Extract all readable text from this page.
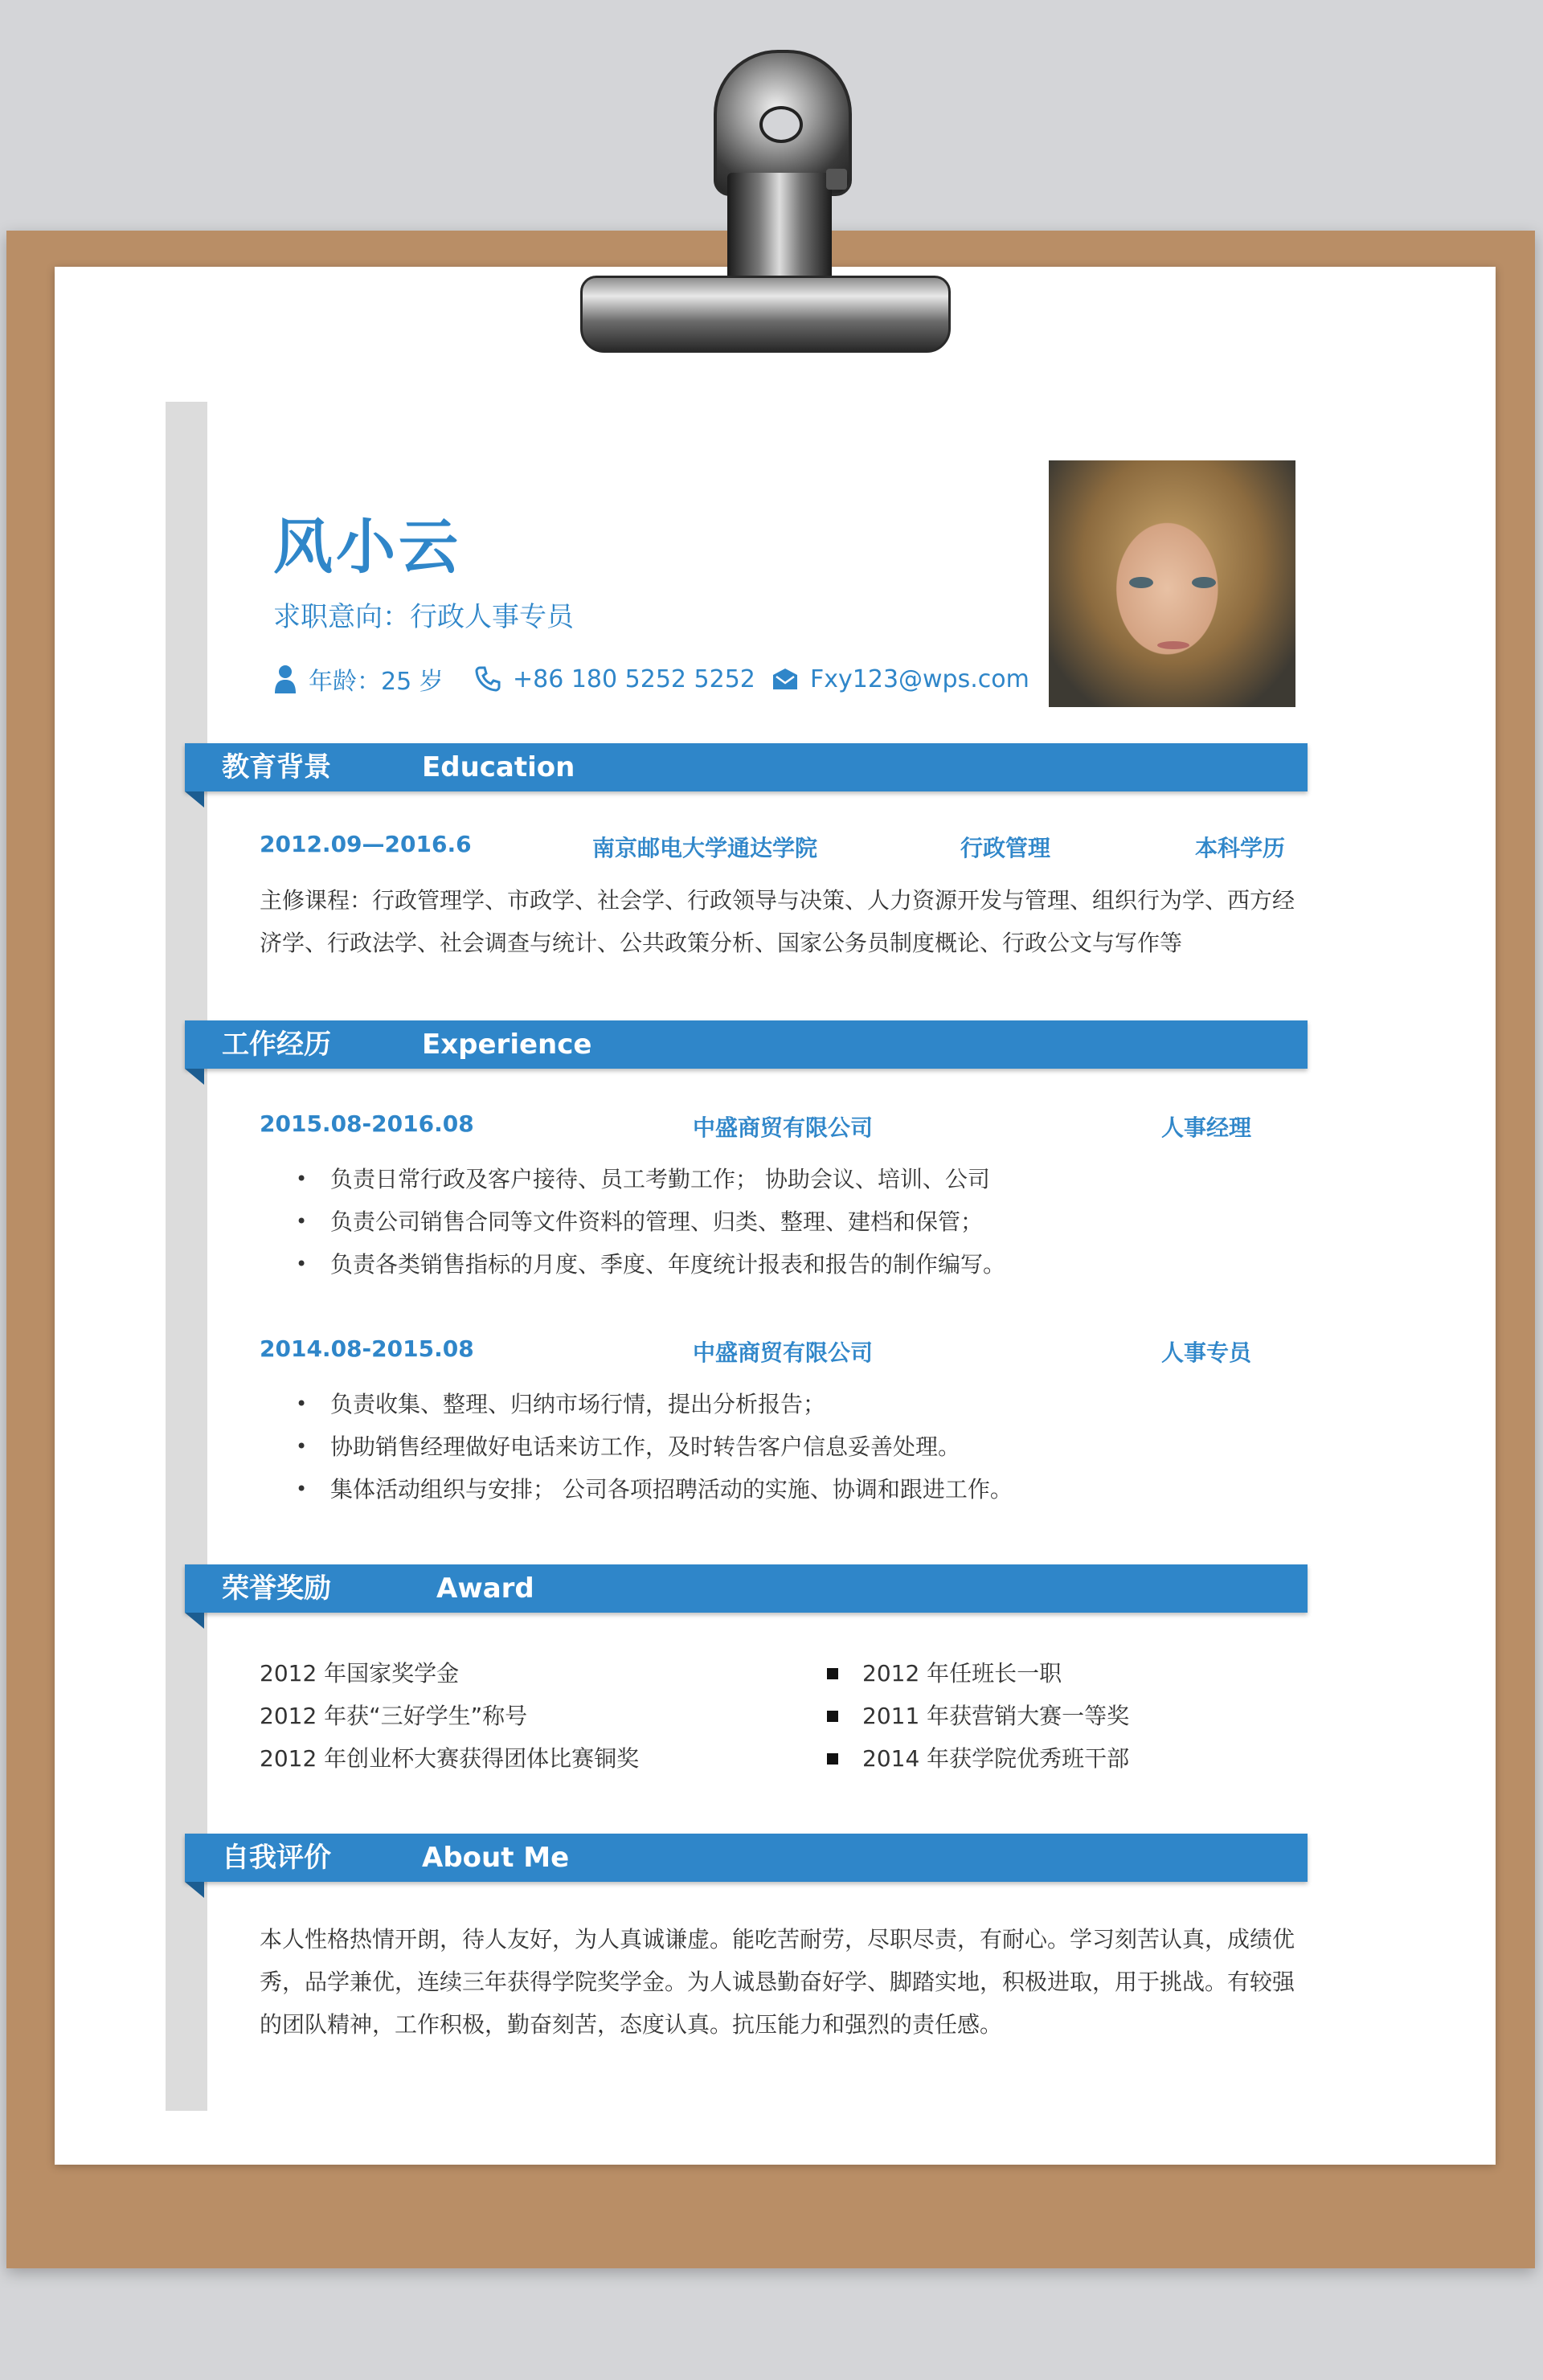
风小云
求职意向：行政人事专员
年龄：25 岁	+86 180 5252 5252 Fxy123@wps.com
教育背景	Education
2012.09—2016.6	南京邮电大学通达学院	行政管理	本科学历
主修课程：行政管理学、市政学、社会学、行政领导与决策、人力资源开发与管理、组织行为学、西方经济学、行政法学、社会调查与统计、公共政策分析、国家公务员制度概论、行政公文与写作等
工作经历	Experience
2015.08-2016.08	中盛商贸有限公司	人事经理
• 负责日常行政及客户接待、员工考勤工作； 协助会议、培训、公司
• 负责公司销售合同等文件资料的管理、归类、整理、建档和保管；
• 负责各类销售指标的月度、季度、年度统计报表和报告的制作编写。
2014.08-2015.08	中盛商贸有限公司	人事专员
• 负责收集、整理、归纳市场行情，提出分析报告；
• 协助销售经理做好电话来访工作，及时转告客户信息妥善处理。
• 集体活动组织与安排； 公司各项招聘活动的实施、协调和跟进工作。
荣誉奖励	Award
2012 年国家奖学金
2012 年获“三好学生”称号
2012 年创业杯大赛获得团体比赛铜奖
2012 年任班长一职
2011 年获营销大赛一等奖
2014 年获学院优秀班干部
自我评价	About Me
本人性格热情开朗，待人友好，为人真诚谦虚。能吃苦耐劳，尽职尽责，有耐心。学习刻苦认真，成绩优秀，品学兼优，连续三年获得学院奖学金。为人诚恳勤奋好学、脚踏实地，积极进取，用于挑战。有较强的团队精神，工作积极，勤奋刻苦，态度认真。抗压能力和强烈的责任感。
